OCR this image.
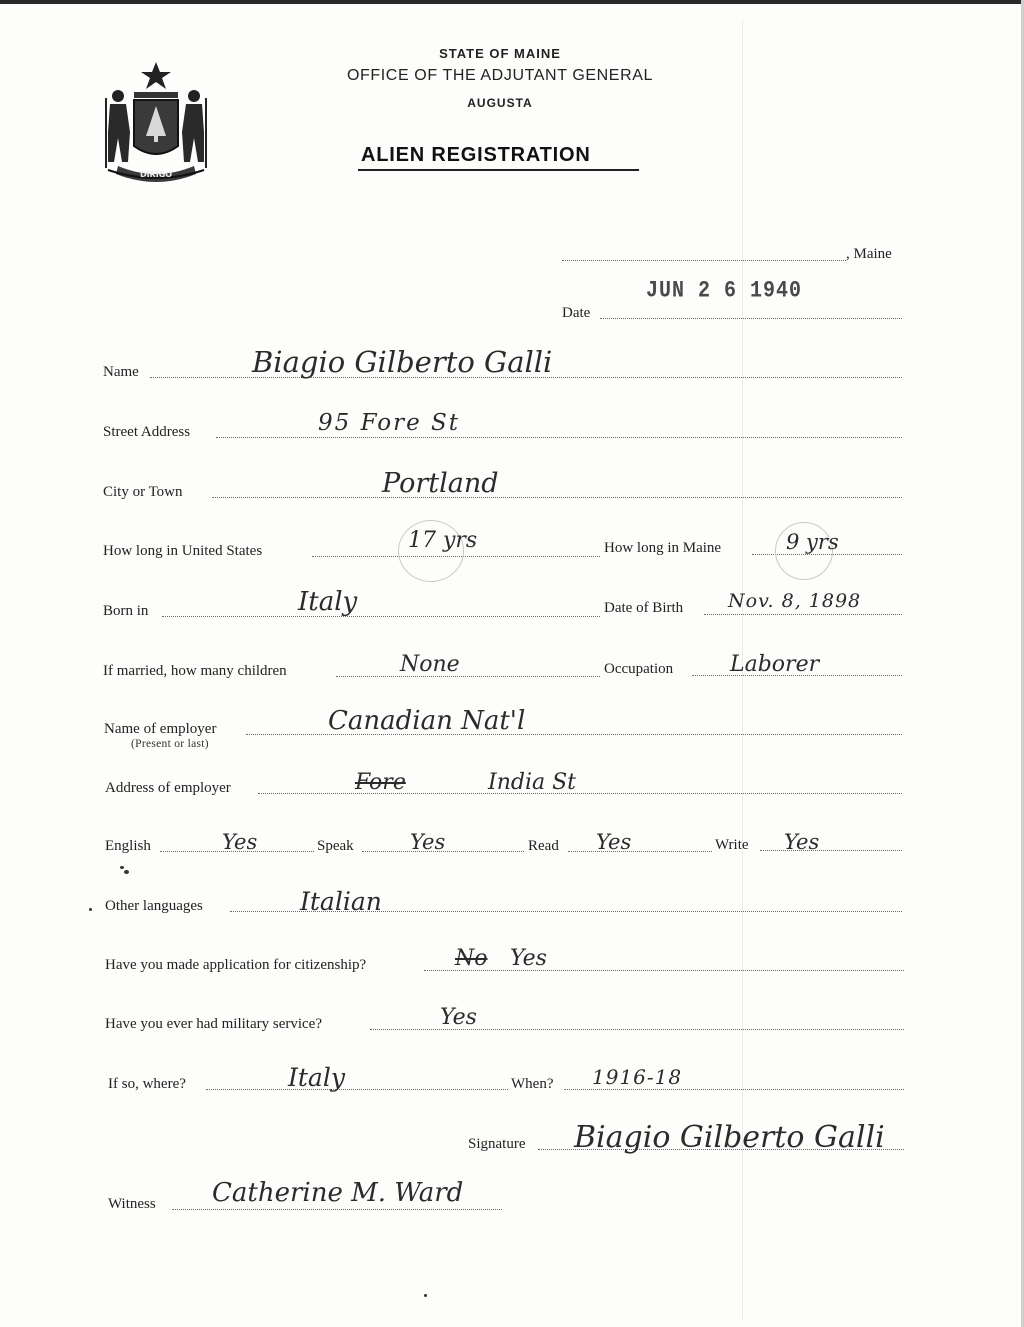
DIRIGO
STATE OF MAINE
OFFICE OF THE ADJUTANT GENERAL
AUGUSTA
ALIEN REGISTRATION
, Maine
JUN 2 6 1940
Date
Name	Biagio Gilberto Galli
Street Address	95 Fore St
City or Town	Portland
How long in United States	17 yrs	How long in Maine	9 yrs
Born in	Italy	Date of Birth Nov. 8, 1898
If married, how many children	None	Occupation	Laborer
Name of employer
(Present or last)
Canadian Nat'l
Address of employer	Fore	India St
English	Yes	Speak	Yes	Read Yes	Write Yes
Other languages	Italian
Have you made application for citizenship?	No Yes
Have you ever had military service?	Yes
If so, where?	Italy	When? 1916-18
Signature Biagio Gilberto Galli
Witness Catherine M. Ward
